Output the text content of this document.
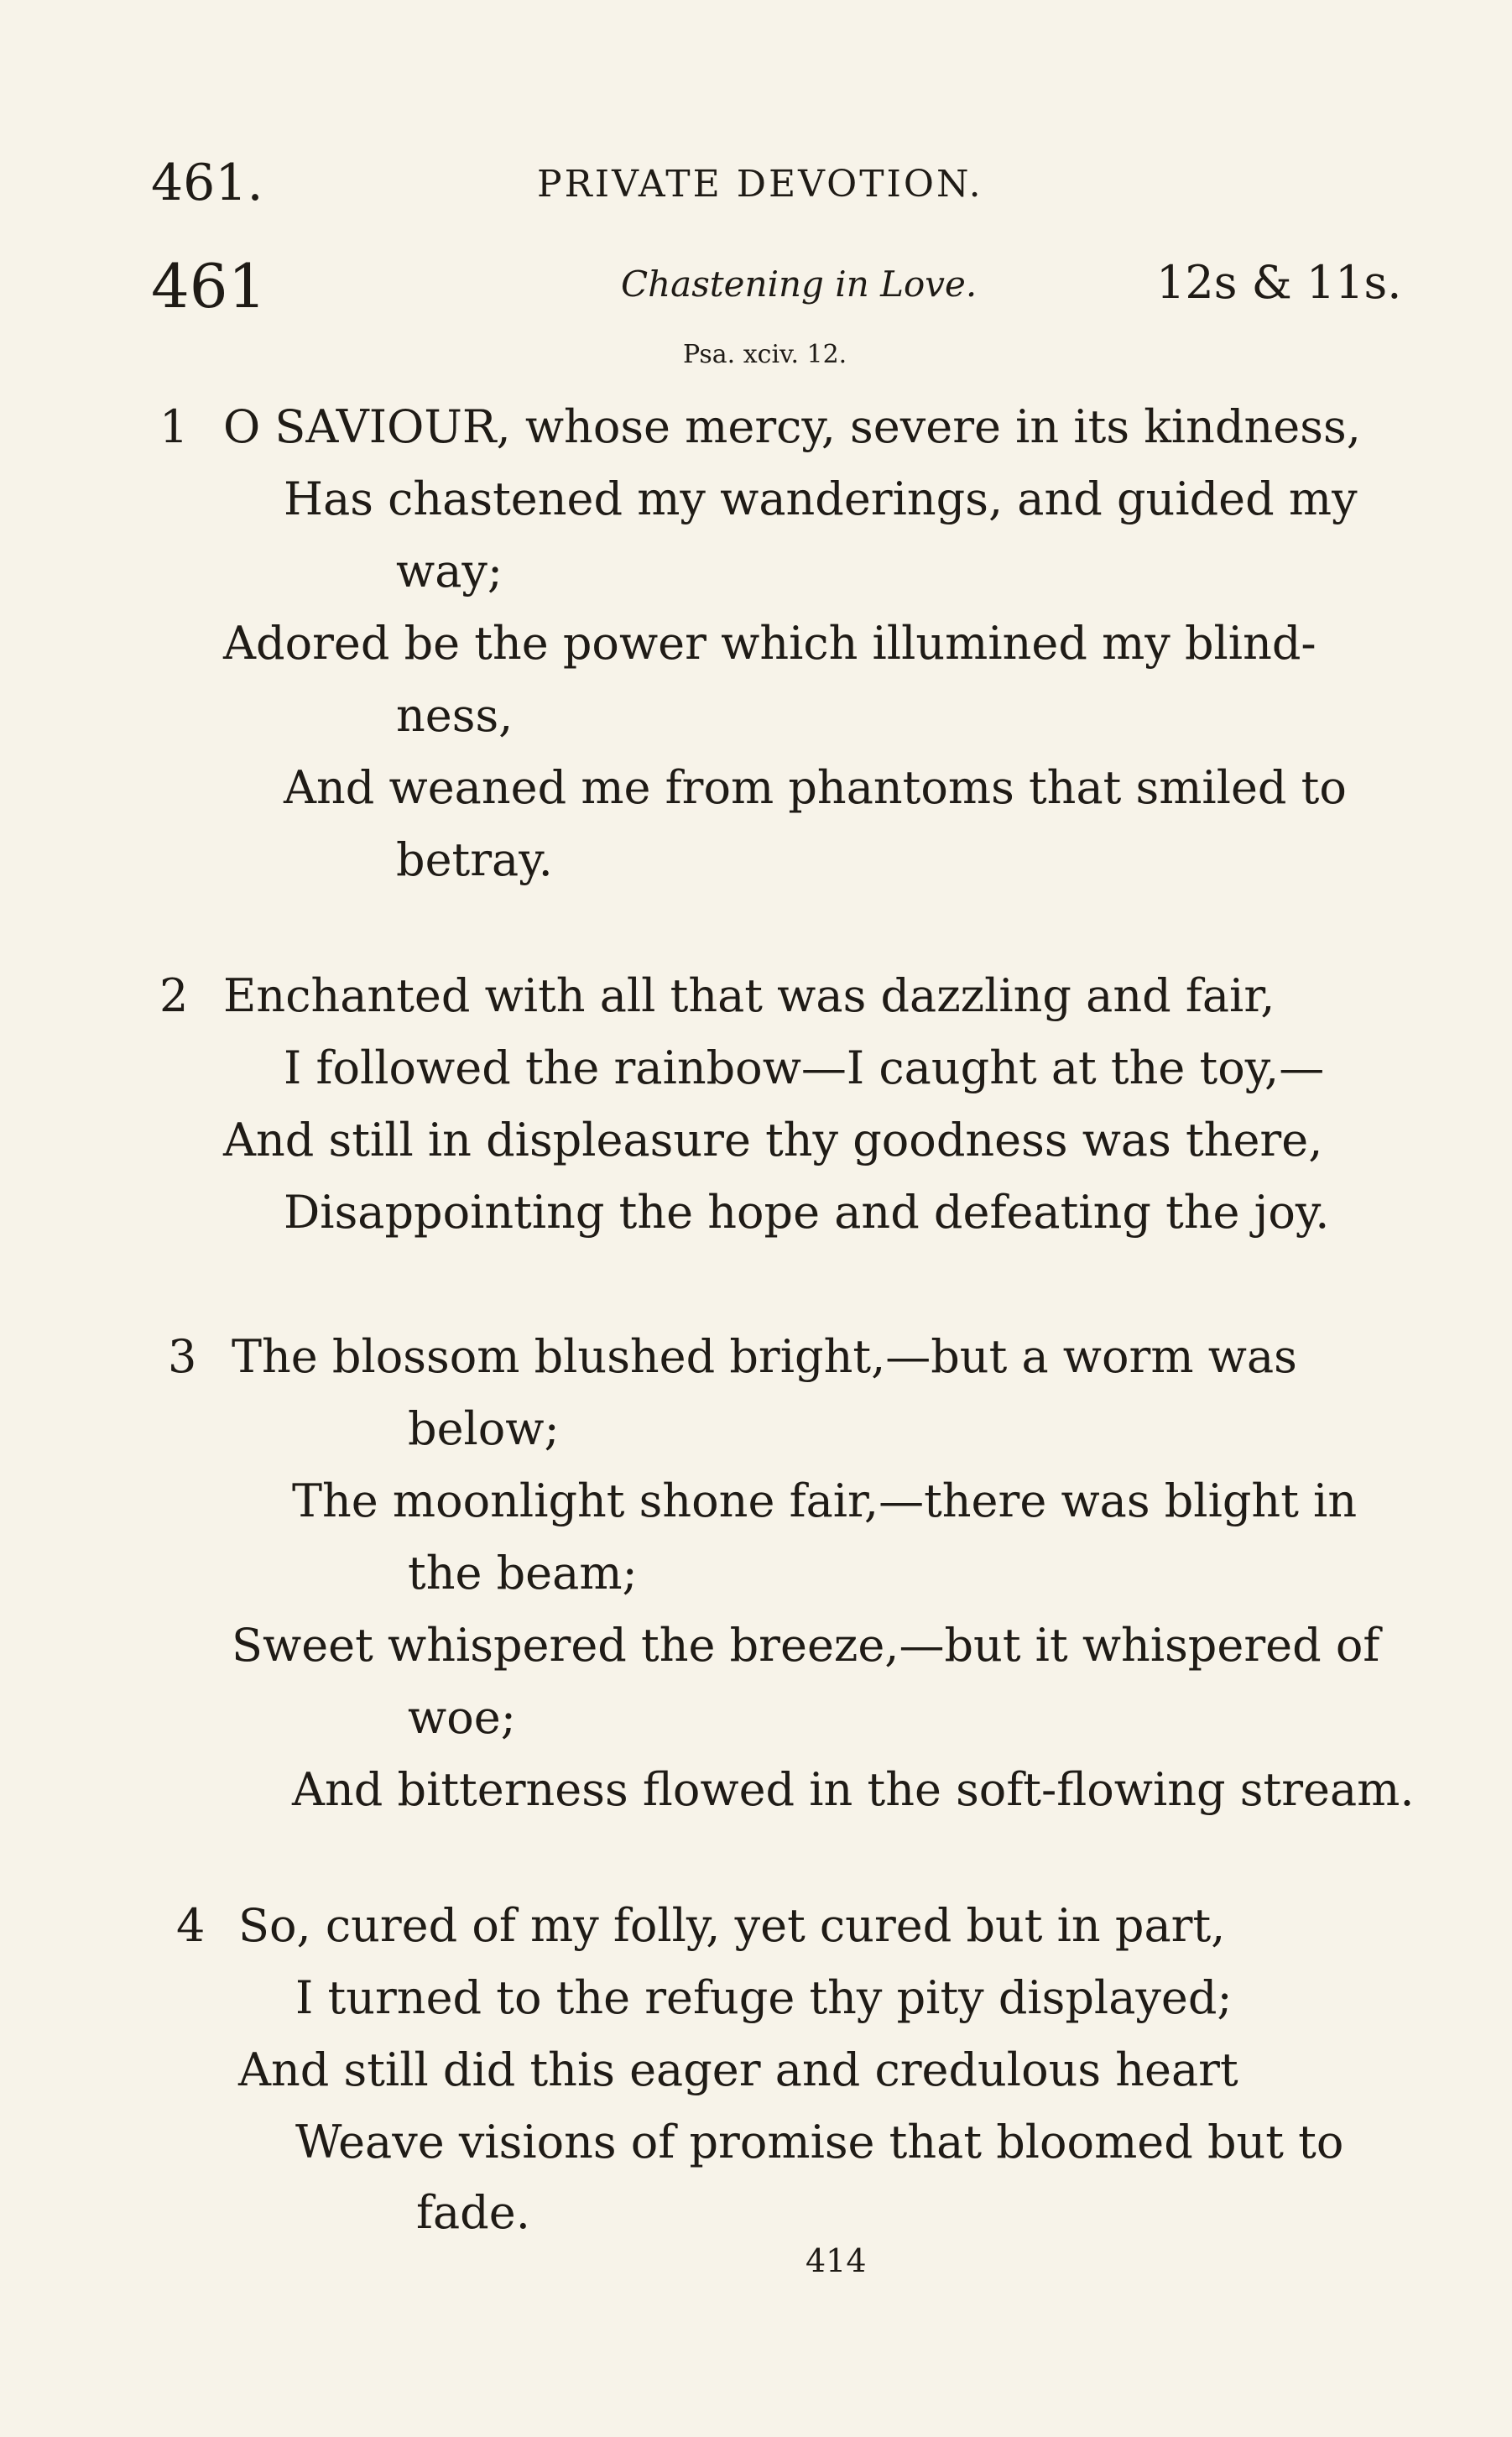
461.	PRIVATE DEVOTION.
461	Chastening in Love.	12s & 11s.
Psa. xciv. 12.
1 O SAVIOUR, whose mercy, severe in its kindness,
Has chastened my wanderings, and guided my
way;
Adored be the power which illumined my blind-
ness,
And weaned me from phantoms that smiled to
betray.
2 Enchanted with all that was dazzling and fair,
I followed the rainbow—I caught at the toy,—
And still in displeasure thy goodness was there,
Disappointing the hope and defeating the joy.
3 The blossom blushed bright,—but a worm was
below;
The moonlight shone fair,—there was blight in
the beam;
Sweet whispered the breeze,—but it whispered of
woe;
And bitterness flowed in the soft-flowing stream.
4 So, cured of my folly, yet cured but in part,
I turned to the refuge thy pity displayed;
And still did this eager and credulous heart
Weave visions of promise that bloomed but to
fade.
414
